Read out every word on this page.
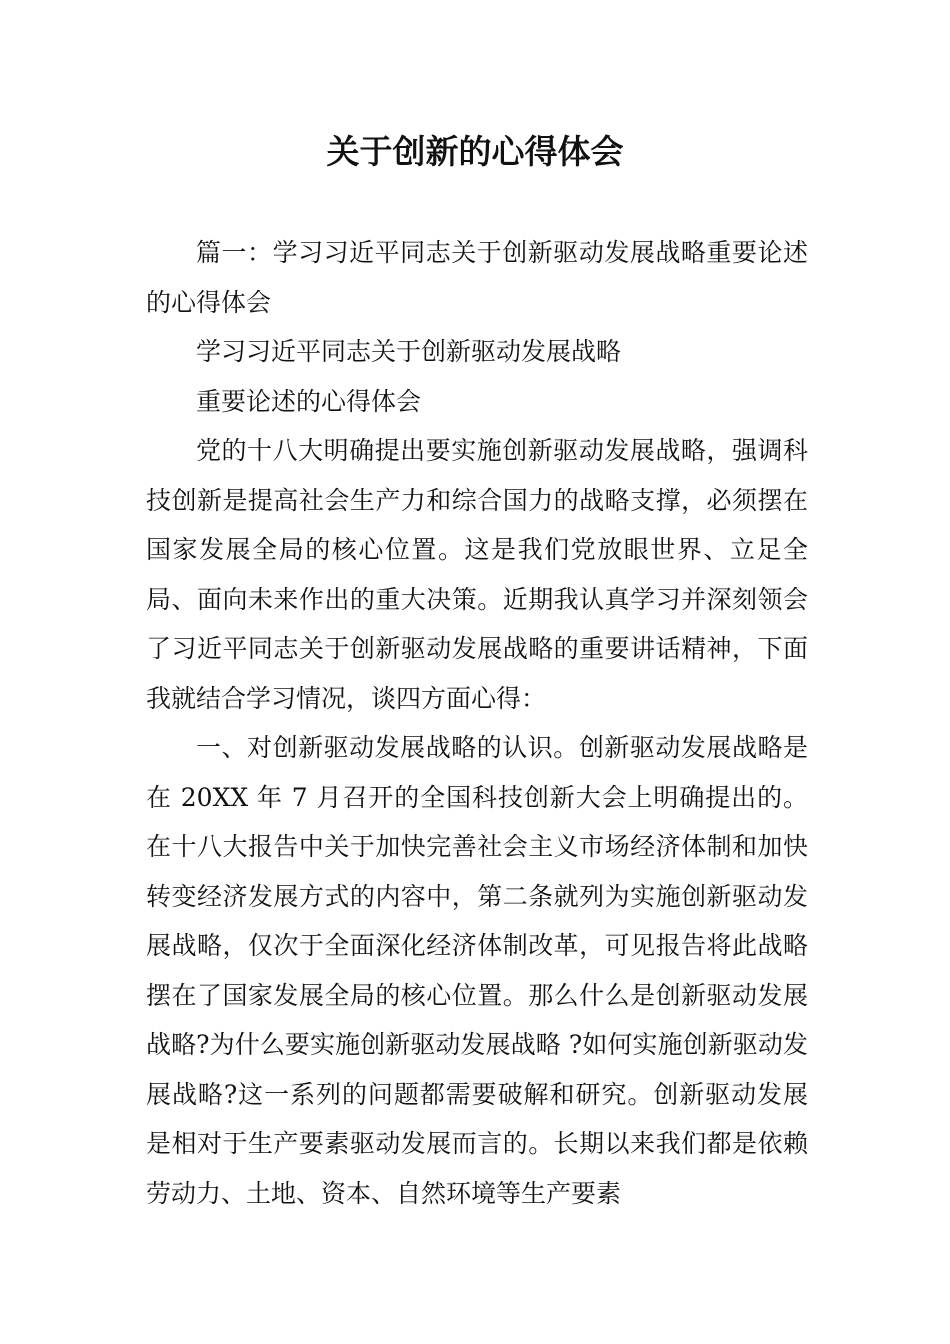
关于创新的心得体会

篇一：学习习近平同志关于创新驱动发展战略重要论述的心得体会

学习习近平同志关于创新驱动发展战略

重要论述的心得体会

党的十八大明确提出要实施创新驱动发展战略，强调科技创新是提高社会生产力和综合国力的战略支撑，必须摆在国家发展全局的核心位置。这是我们党放眼世界、立足全局、面向未来作出的重大决策。近期我认真学习并深刻领会了习近平同志关于创新驱动发展战略的重要讲话精神，下面我就结合学习情况，谈四方面心得：

一、对创新驱动发展战略的认识。创新驱动发展战略是在 20XX 年 7 月召开的全国科技创新大会上明确提出的。在十八大报告中关于加快完善社会主义市场经济体制和加快转变经济发展方式的内容中，第二条就列为实施创新驱动发展战略，仅次于全面深化经济体制改革，可见报告将此战略摆在了国家发展全局的核心位置。那么什么是创新驱动发展战略?为什么要实施创新驱动发展战略 ?如何实施创新驱动发展战略?这一系列的问题都需要破解和研究。创新驱动发展是相对于生产要素驱动发展而言的。长期以来我们都是依赖劳动力、土地、资本、自然环境等生产要素
